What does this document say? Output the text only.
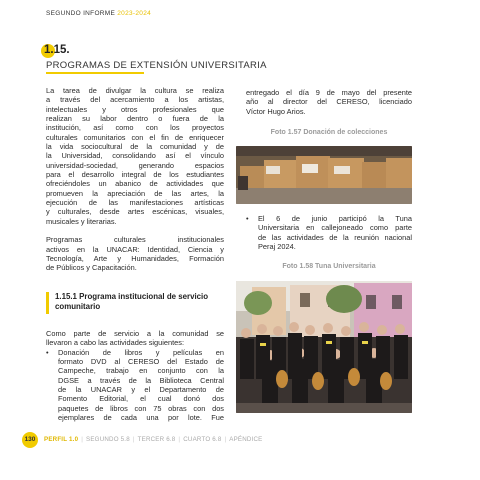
SEGUNDO INFORME 2023-2024
1.15.
PROGRAMAS DE EXTENSIÓN UNIVERSITARIA
La tarea de divulgar la cultura se realiza
a través del acercamiento a los artistas,
intelectuales y otros profesionales que
realizan su labor dentro o fuera de la
institución, así como con los proyectos
culturales comunitarios con el fin de enriquecer
la vida sociocultural de la comunidad y de
la Universidad, consolidando así el vínculo
universidad-sociedad, generando espacios
para el desarrollo integral de los estudiantes
ofreciéndoles un abanico de actividades que
promueven la apreciación de las artes, la
ejecución de las manifestaciones artísticas
y culturales, desde artes escénicas, visuales,
musicales y literarias.
Programas culturales institucionales
activos en la UNACAR: Identidad, Ciencia y
Tecnología, Arte y Humanidades, Formación
de Públicos y Capacitación.
1.15.1 Programa institucional de servicio comunitario
Como parte de servicio a la comunidad se
llevaron a cabo las actividades siguientes:
•	Donación de libros y películas en
formato DVD al CERESO del Estado de
Campeche, trabajo en conjunto con la
DGSE a través de la Biblioteca Central
de la UNACAR y el Departamento de
Fomento Editorial, el cual donó dos
paquetes de libros con 75 obras con dos
ejemplares de cada una por lote. Fue
entregado el día 9 de mayo del presente
año al director del CERESO, licenciado
Víctor Hugo Arios.
Foto 1.57 Donación de colecciones
•	El 6 de junio participó la Tuna
Universitaria en callejoneado como parte
de las actividades de la reunión nacional
Peraj 2024.
Foto 1.58 Tuna Universitaria
130	PERFIL 1.0 | SEGUNDO 5.8 | TERCER 6.8 | CUARTO 6.8 | APÉNDICE
